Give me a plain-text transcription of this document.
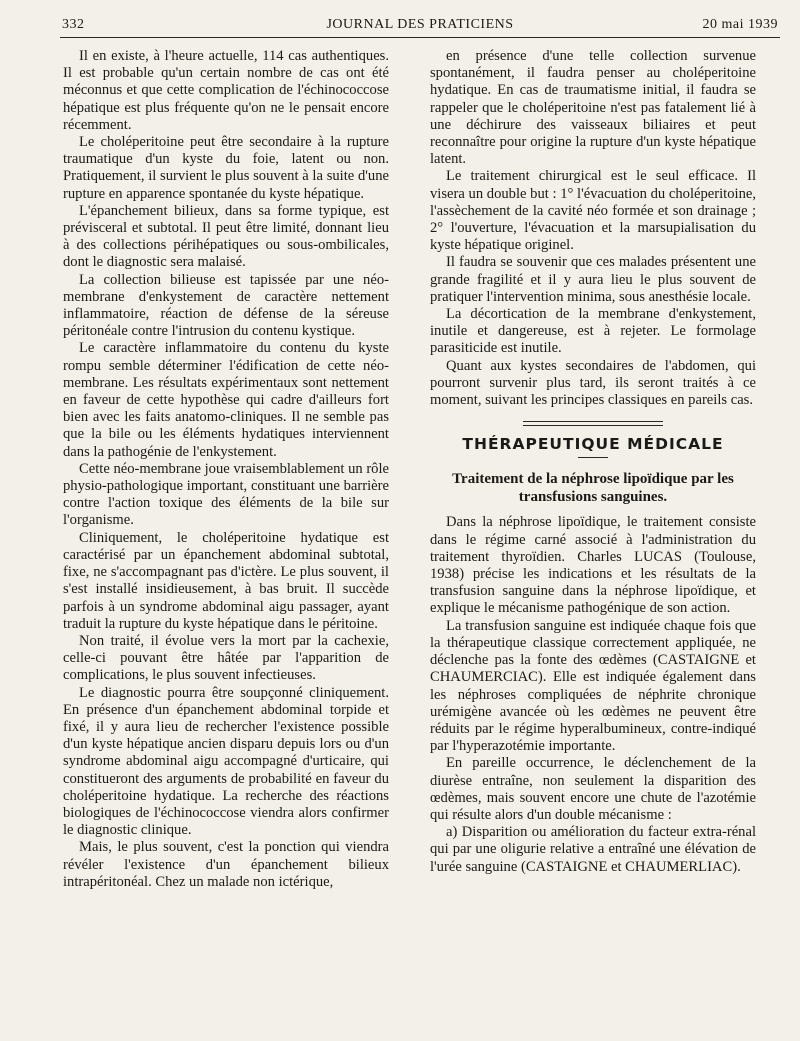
332	JOURNAL DES PRATICIENS	20 mai 1939

Il en existe, à l'heure actuelle, 114 cas authentiques. Il est probable qu'un certain nombre de cas ont été méconnus et que cette complication de l'échinococcose hépatique est plus fréquente qu'on ne le pensait encore récemment.

Le choléperitoine peut être secondaire à la rupture traumatique d'un kyste du foie, latent ou non. Pratiquement, il survient le plus souvent à la suite d'une rupture en apparence spontanée du kyste hépatique.

L'épanchement bilieux, dans sa forme typique, est prévisceral et subtotal. Il peut être limité, donnant lieu à des collections périhépatiques ou sous-ombilicales, dont le diagnostic sera malaisé.

La collection bilieuse est tapissée par une néo-membrane d'enkystement de caractère nettement inflammatoire, réaction de défense de la séreuse péritonéale contre l'intrusion du contenu kystique.

Le caractère inflammatoire du contenu du kyste rompu semble déterminer l'édification de cette néo-membrane. Les résultats expérimentaux sont nettement en faveur de cette hypothèse qui cadre d'ailleurs fort bien avec les faits anatomo-cliniques. Il ne semble pas que la bile ou les éléments hydatiques interviennent dans la pathogénie de l'enkystement.

Cette néo-membrane joue vraisemblablement un rôle physio-pathologique important, constituant une barrière contre l'action toxique des éléments de la bile sur l'organisme.

Cliniquement, le choléperitoine hydatique est caractérisé par un épanchement abdominal subtotal, fixe, ne s'accompagnant pas d'ictère. Le plus souvent, il s'est installé insidieusement, à bas bruit. Il succède parfois à un syndrome abdominal aigu passager, ayant traduit la rupture du kyste hépatique dans le péritoine.

Non traité, il évolue vers la mort par la cachexie, celle-ci pouvant être hâtée par l'apparition de complications, le plus souvent infectieuses.

Le diagnostic pourra être soupçonné cliniquement. En présence d'un épanchement abdominal torpide et fixé, il y aura lieu de rechercher l'existence possible d'un kyste hépatique ancien disparu depuis lors ou d'un syndrome abdominal aigu accompagné d'urticaire, qui constitueront des arguments de probabilité en faveur du choléperitoine hydatique. La recherche des réactions biologiques de l'échinococcose viendra alors confirmer le diagnostic clinique.

Mais, le plus souvent, c'est la ponction qui viendra révéler l'existence d'un épanchement bilieux intrapéritonéal. Chez un malade non ictérique,

en présence d'une telle collection survenue spontanément, il faudra penser au choléperitoine hydatique. En cas de traumatisme initial, il faudra se rappeler que le choléperitoine n'est pas fatalement lié à une déchirure des vaisseaux biliaires et peut reconnaître pour origine la rupture d'un kyste hépatique latent.

Le traitement chirurgical est le seul efficace. Il visera un double but : 1° l'évacuation du choléperitoine, l'assèchement de la cavité néo formée et son drainage ; 2° l'ouverture, l'évacuation et la marsupialisation du kyste hépatique originel.

Il faudra se souvenir que ces malades présentent une grande fragilité et il y aura lieu le plus souvent de pratiquer l'intervention minima, sous anesthésie locale.

La décortication de la membrane d'enkystement, inutile et dangereuse, est à rejeter. Le formolage parasiticide est inutile.

Quant aux kystes secondaires de l'abdomen, qui pourront survenir plus tard, ils seront traités à ce moment, suivant les principes classiques en pareils cas.

THÉRAPEUTIQUE MÉDICALE
Traitement de la néphrose lipoïdique par les transfusions sanguines.

Dans la néphrose lipoïdique, le traitement consiste dans le régime carné associé à l'administration du traitement thyroïdien. Charles LUCAS (Toulouse, 1938) précise les indications et les résultats de la transfusion sanguine dans la néphrose lipoïdique, et explique le mécanisme pathogénique de son action.

La transfusion sanguine est indiquée chaque fois que la thérapeutique classique correctement appliquée, ne déclenche pas la fonte des œdèmes (CASTAIGNE et CHAUMERCIAC). Elle est indiquée également dans les néphroses compliquées de néphrite chronique urémigène avancée où les œdèmes ne peuvent être réduits par le régime hyperalbumineux, contre-indiqué par l'hyperazotémie importante.

En pareille occurrence, le déclenchement de la diurèse entraîne, non seulement la disparition des œdèmes, mais souvent encore une chute de l'azotémie qui résulte alors d'un double mécanisme :

a) Disparition ou amélioration du facteur extra-rénal qui par une oligurie relative a entraîné une élévation de l'urée sanguine (CASTAIGNE et CHAUMERLIAC).
